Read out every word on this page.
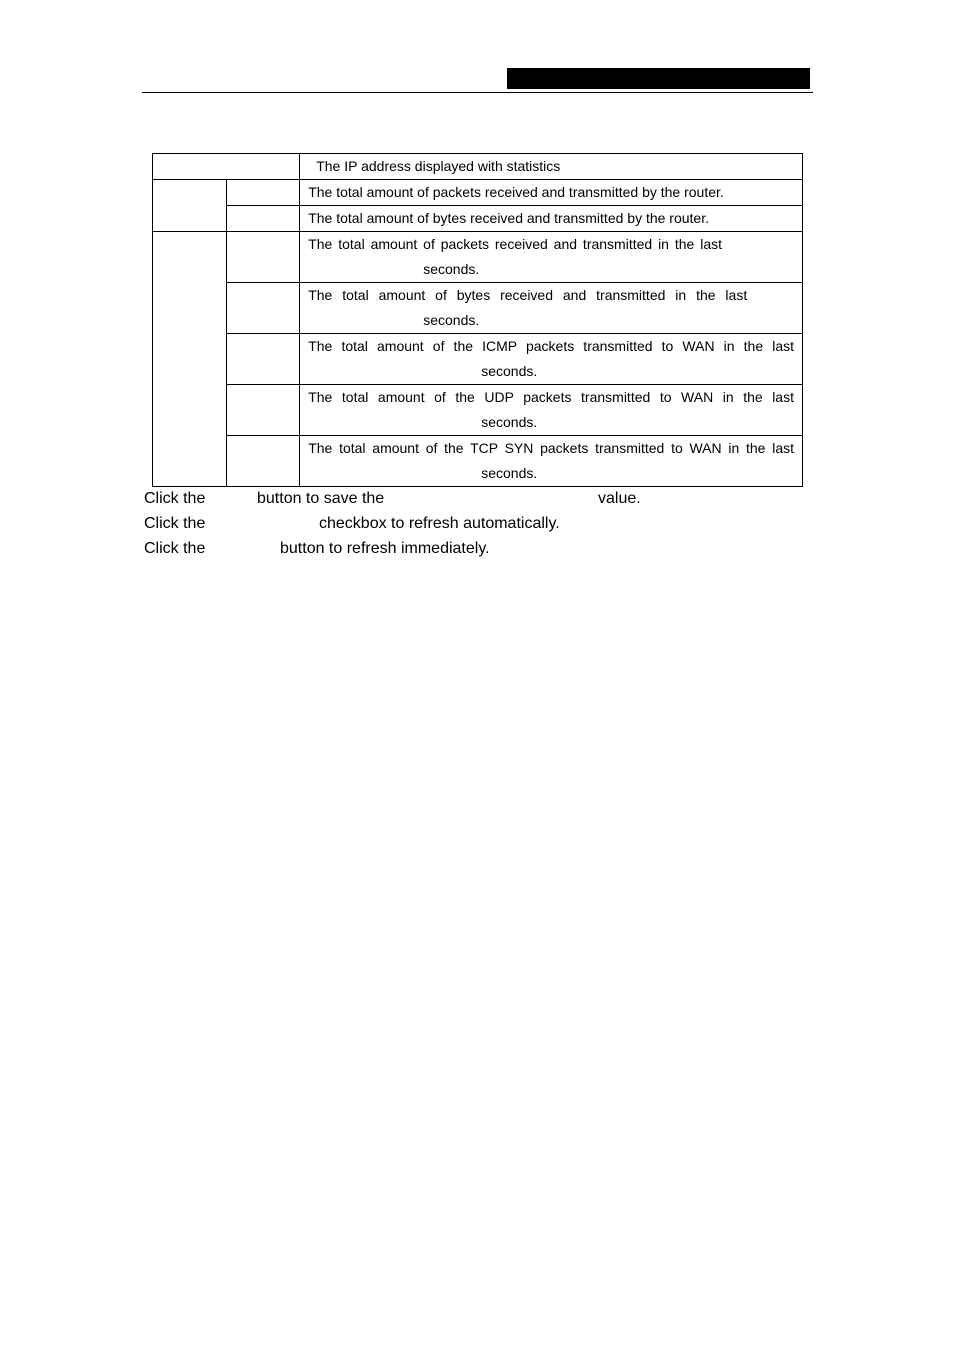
		The IP address displayed with statistics
		The total amount of packets received and transmitted by the router.
		The total amount of bytes received and transmitted by the router.

		The total amount of packets received and transmitted in the last
seconds.

		The total amount of bytes received and transmitted in the last
seconds.

		The total amount of the ICMP packets transmitted to WAN in the last
seconds.

		The total amount of the UDP packets transmitted to WAN in the last
seconds.

		The total amount of the TCP SYN packets transmitted to WAN in the last
seconds.

Click the

	button to save the

	value.

Click the

	checkbox to refresh automatically.

Click the

	button to refresh immediately.
